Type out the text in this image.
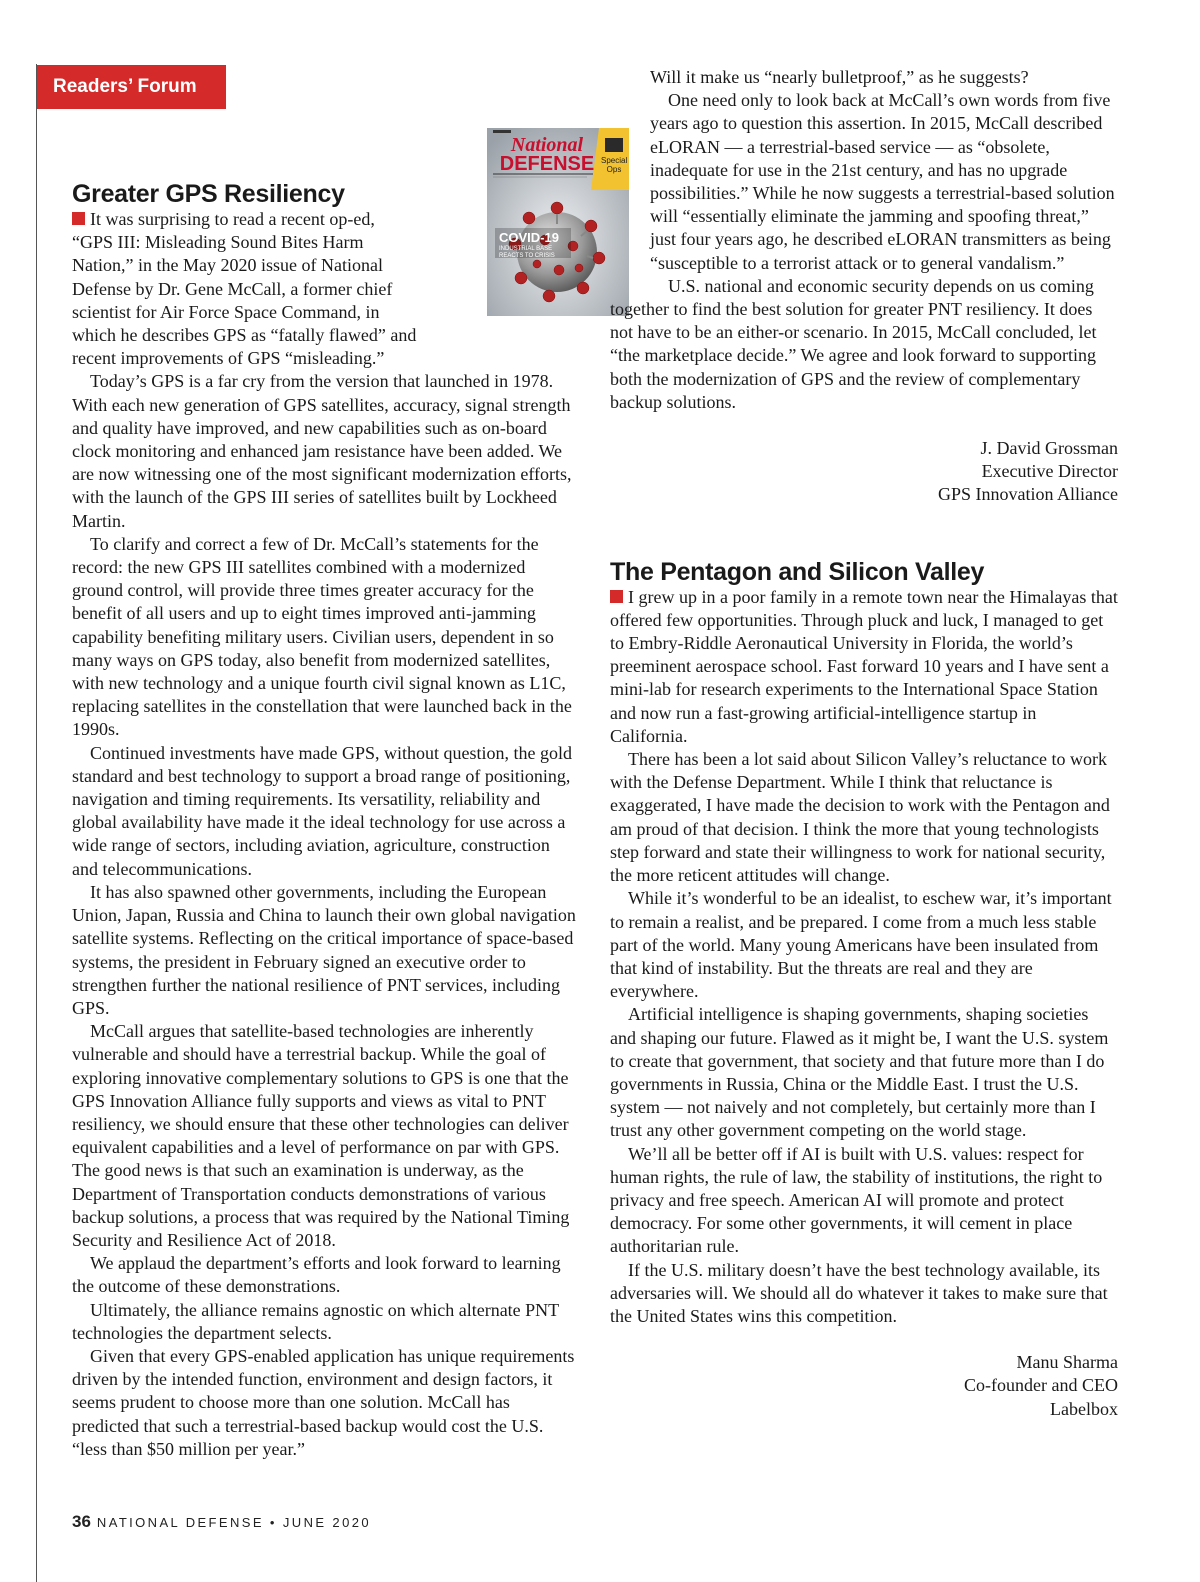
Readers’ Forum
National
DEFENSE Special Ops
COVID-19
INDUSTRIAL BASE REACTS TO CRISIS
Greater GPS Resiliency

It was surprising to read a recent op-ed, “GPS III: Misleading Sound Bites Harm Nation,” in the May 2020 issue of National Defense by Dr. Gene McCall, a former chief scientist for Air Force Space Command, in which he describes GPS as “fatally flawed” and recent improvements of GPS “misleading.”

Today’s GPS is a far cry from the version that launched in 1978. With each new generation of GPS satellites, accuracy, signal strength and quality have improved, and new capabilities such as on-board clock monitoring and enhanced jam resistance have been added. We are now witnessing one of the most significant modernization efforts, with the launch of the GPS III series of satellites built by Lockheed Martin.

To clarify and correct a few of Dr. McCall’s statements for the record: the new GPS III satellites combined with a modernized ground control, will provide three times greater accuracy for the benefit of all users and up to eight times improved anti-jamming capability benefiting military users. Civilian users, dependent in so many ways on GPS today, also benefit from modernized satellites, with new technology and a unique fourth civil signal known as L1C, replacing satellites in the constellation that were launched back in the 1990s.

Continued investments have made GPS, without question, the gold standard and best technology to support a broad range of positioning, navigation and timing requirements. Its versatility, reliability and global availability have made it the ideal technology for use across a wide range of sectors, including aviation, agriculture, construction and telecommunications.

It has also spawned other governments, including the European Union, Japan, Russia and China to launch their own global navigation satellite systems. Reflecting on the critical importance of space-based systems, the president in February signed an executive order to strengthen further the national resilience of PNT services, including GPS.

McCall argues that satellite-based technologies are inherently vulnerable and should have a terrestrial backup. While the goal of exploring innovative complementary solutions to GPS is one that the GPS Innovation Alliance fully supports and views as vital to PNT resiliency, we should ensure that these other technologies can deliver equivalent capabilities and a level of performance on par with GPS. The good news is that such an examination is underway, as the Department of Transportation conducts demonstrations of various backup solutions, a process that was required by the National Timing Security and Resilience Act of 2018.

We applaud the department’s efforts and look forward to learning the outcome of these demonstrations.

Ultimately, the alliance remains agnostic on which alternate PNT technologies the department selects.

Given that every GPS-enabled application has unique requirements driven by the intended function, environment and design factors, it seems prudent to choose more than one solution. McCall has predicted that such a terrestrial-based backup would cost the U.S. “less than $50 million per year.”

Will it make us “nearly bulletproof,” as he suggests?

One need only to look back at McCall’s own words from five years ago to question this assertion. In 2015, McCall described eLORAN — a terrestrial-based service — as “obsolete, inadequate for use in the 21st century, and has no upgrade possibilities.” While he now suggests a terrestrial-based solution will “essentially eliminate the jamming and spoofing threat,” just four years ago, he described eLORAN transmitters as being “susceptible to a terrorist attack or to general vandalism.”

U.S. national and economic security depends on us coming together to find the best solution for greater PNT resiliency. It does not have to be an either-or scenario. In 2015, McCall concluded, let “the marketplace decide.” We agree and look forward to supporting both the modernization of GPS and the review of complementary backup solutions.

J. David Grossman

Executive Director

GPS Innovation Alliance

The Pentagon and Silicon Valley

I grew up in a poor family in a remote town near the Himalayas that offered few opportunities. Through pluck and luck, I managed to get to Embry-Riddle Aeronautical University in Florida, the world’s preeminent aerospace school. Fast forward 10 years and I have sent a mini-lab for research experiments to the International Space Station and now run a fast-growing artificial-intelligence startup in California.

There has been a lot said about Silicon Valley’s reluctance to work with the Defense Department. While I think that reluctance is exaggerated, I have made the decision to work with the Pentagon and am proud of that decision. I think the more that young technologists step forward and state their willingness to work for national security, the more reticent attitudes will change.

While it’s wonderful to be an idealist, to eschew war, it’s important to remain a realist, and be prepared. I come from a much less stable part of the world. Many young Americans have been insulated from that kind of instability. But the threats are real and they are everywhere.

Artificial intelligence is shaping governments, shaping societies and shaping our future. Flawed as it might be, I want the U.S. system to create that government, that society and that future more than I do governments in Russia, China or the Middle East. I trust the U.S. system — not naively and not completely, but certainly more than I trust any other government competing on the world stage.

We’ll all be better off if AI is built with U.S. values: respect for human rights, the rule of law, the stability of institutions, the right to privacy and free speech. American AI will promote and protect democracy. For some other governments, it will cement in place authoritarian rule.

If the U.S. military doesn’t have the best technology available, its adversaries will. We should all do whatever it takes to make sure that the United States wins this competition.

Manu Sharma

Co-founder and CEO

Labelbox

36 NATIONAL DEFENSE • JUNE 2020
